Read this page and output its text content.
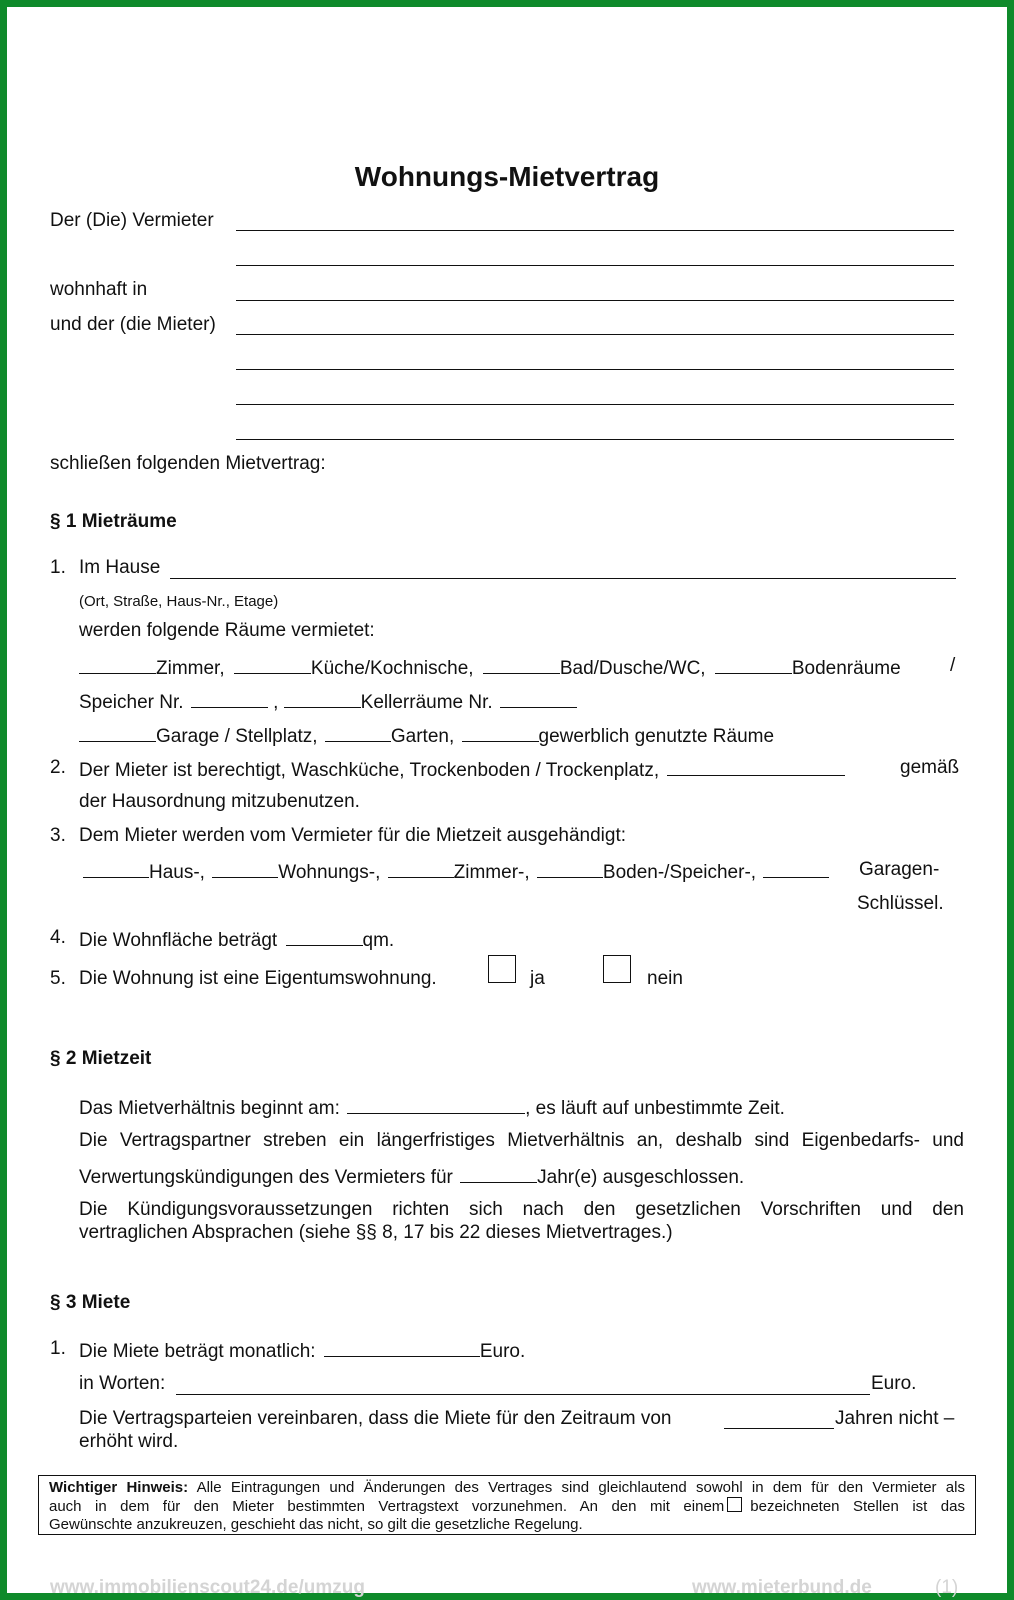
Wohnungs-Mietvertrag
Der (Die) Vermieter
wohnhaft in
und der (die Mieter)
schließen folgenden Mietvertrag:
§ 1 Mieträume
1. Im Hause
(Ort, Straße, Haus-Nr., Etage)
werden folgende Räume vermietet:
Zimmer,	Küche/Kochnische,	Bad/Dusche/WC,	Bodenräume	/
Speicher Nr.	,	Kellerräume Nr.
Garage / Stellplatz,	Garten,	gewerblich genutzte Räume
2. Der Mieter ist berechtigt, Waschküche, Trockenboden / Trockenplatz,	gemäß
der Hausordnung mitzubenutzen.
3. Dem Mieter werden vom Vermieter für die Mietzeit ausgehändigt:
Haus-,	Wohnungs-,	Zimmer-,	Boden-/Speicher-,	Garagen-
Schlüssel.
4. Die Wohnfläche beträgt	qm.
5. Die Wohnung ist eine Eigentumswohnung.	ja	nein
§ 2 Mietzeit
Das Mietverhältnis beginnt am:	, es läuft auf unbestimmte Zeit.
Die Vertragspartner streben ein längerfristiges Mietverhältnis an, deshalb sind Eigenbedarfs- und
Verwertungskündigungen des Vermieters für	Jahr(e) ausgeschlossen.
Die Kündigungsvoraussetzungen richten sich nach den gesetzlichen Vorschriften und den
vertraglichen Absprachen (siehe §§ 8, 17 bis 22 dieses Mietvertrages.)
§ 3 Miete
1. Die Miete beträgt monatlich:	Euro.
in Worten:	Euro.
Die Vertragsparteien vereinbaren, dass die Miete für den Zeitraum von	Jahren nicht –
erhöht wird.
Wichtiger Hinweis: Alle Eintragungen und Änderungen des Vertrages sind gleichlautend sowohl in dem für den Vermieter als
auch in dem für den Mieter bestimmten Vertragstext vorzunehmen. An den mit einem bezeichneten Stellen ist das
Gewünschte anzukreuzen, geschieht das nicht, so gilt die gesetzliche Regelung.
www.immobilienscout24.de/umzug	www.mieterbund.de	(1)
